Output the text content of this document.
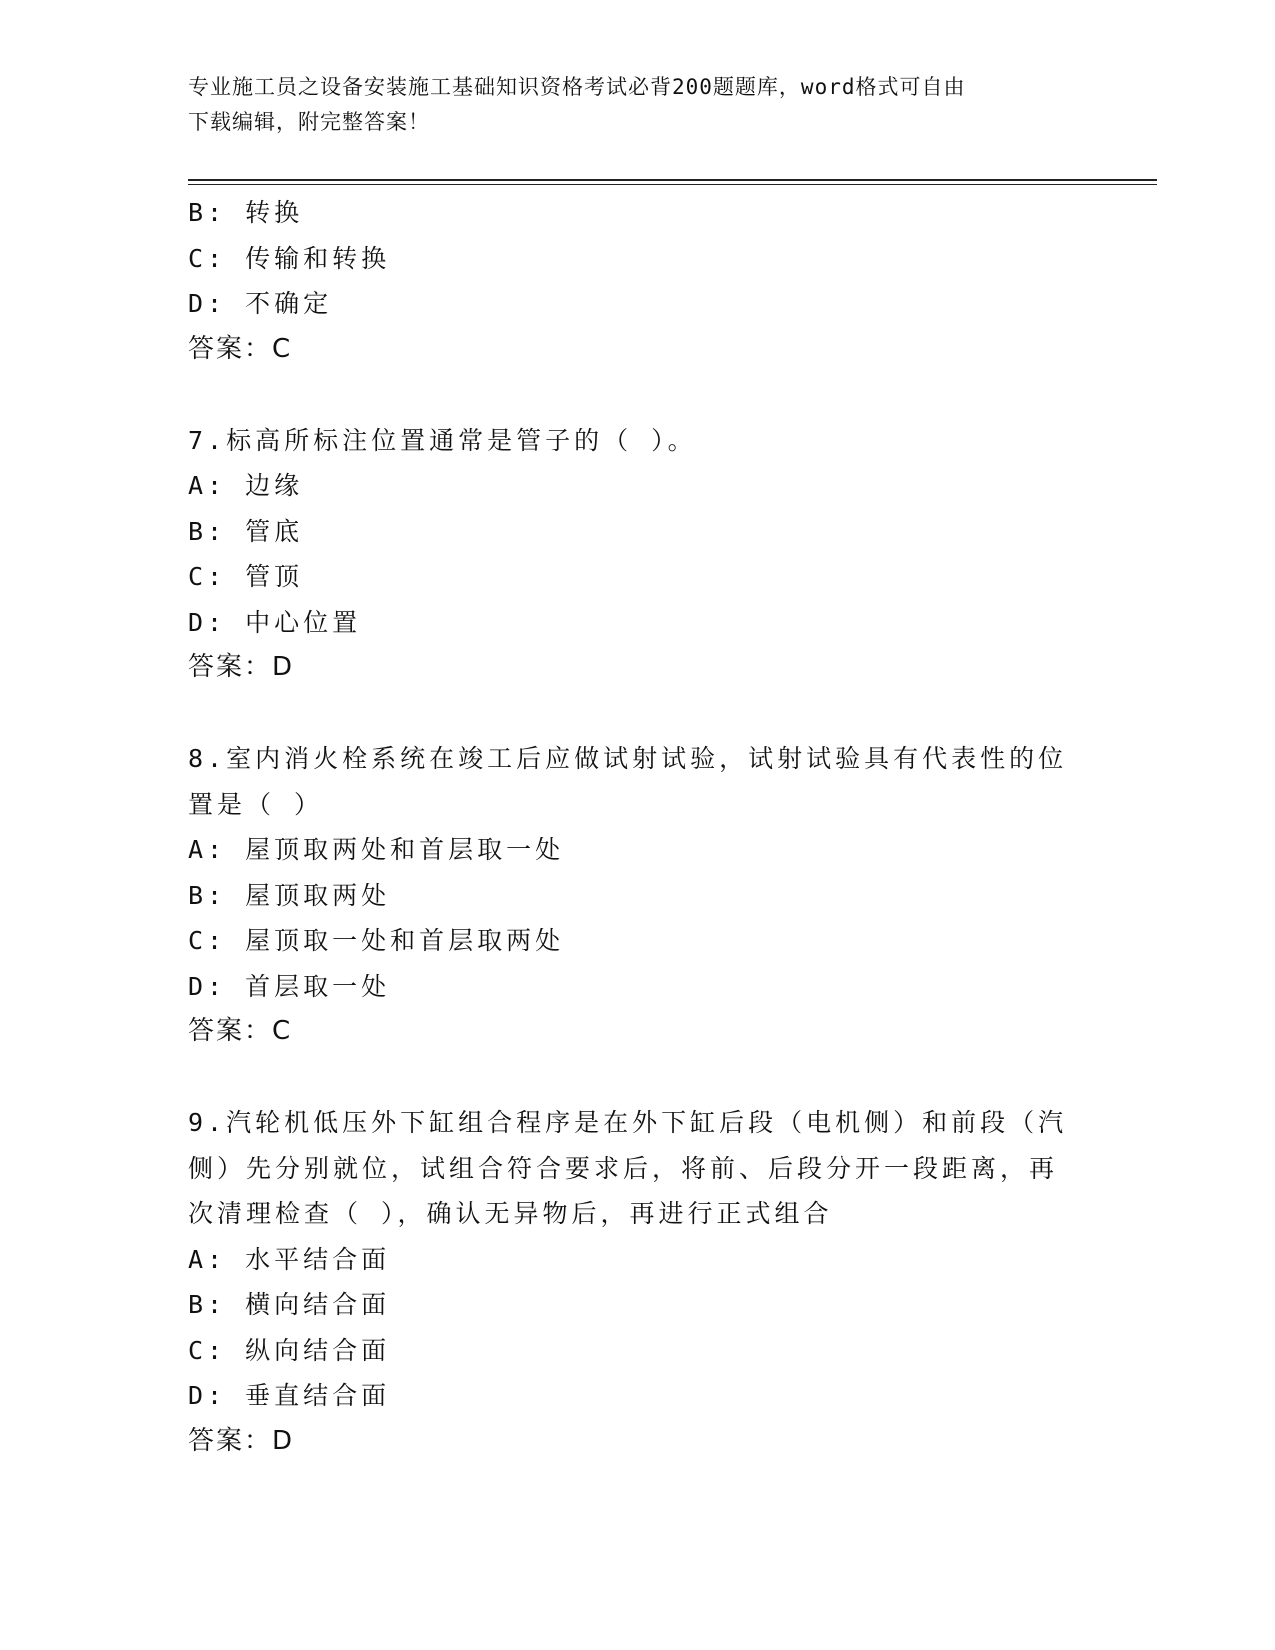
专业施工员之设备安装施工基础知识资格考试必背200题题库，word格式可自由
下载编辑，附完整答案！
B: 转换
C: 传输和转换
D: 不确定
答案：C
7.标高所标注位置通常是管子的（ ）。
A: 边缘
B: 管底
C: 管顶
D: 中心位置
答案：D
8.室内消火栓系统在竣工后应做试射试验，试射试验具有代表性的位置是（ ）
A: 屋顶取两处和首层取一处
B: 屋顶取两处
C: 屋顶取一处和首层取两处
D: 首层取一处
答案：C
9.汽轮机低压外下缸组合程序是在外下缸后段（电机侧）和前段（汽侧）先分别就位，试组合符合要求后，将前、后段分开一段距离，再次清理检查（ ），确认无异物后，再进行正式组合
A: 水平结合面
B: 横向结合面
C: 纵向结合面
D: 垂直结合面
答案：D
